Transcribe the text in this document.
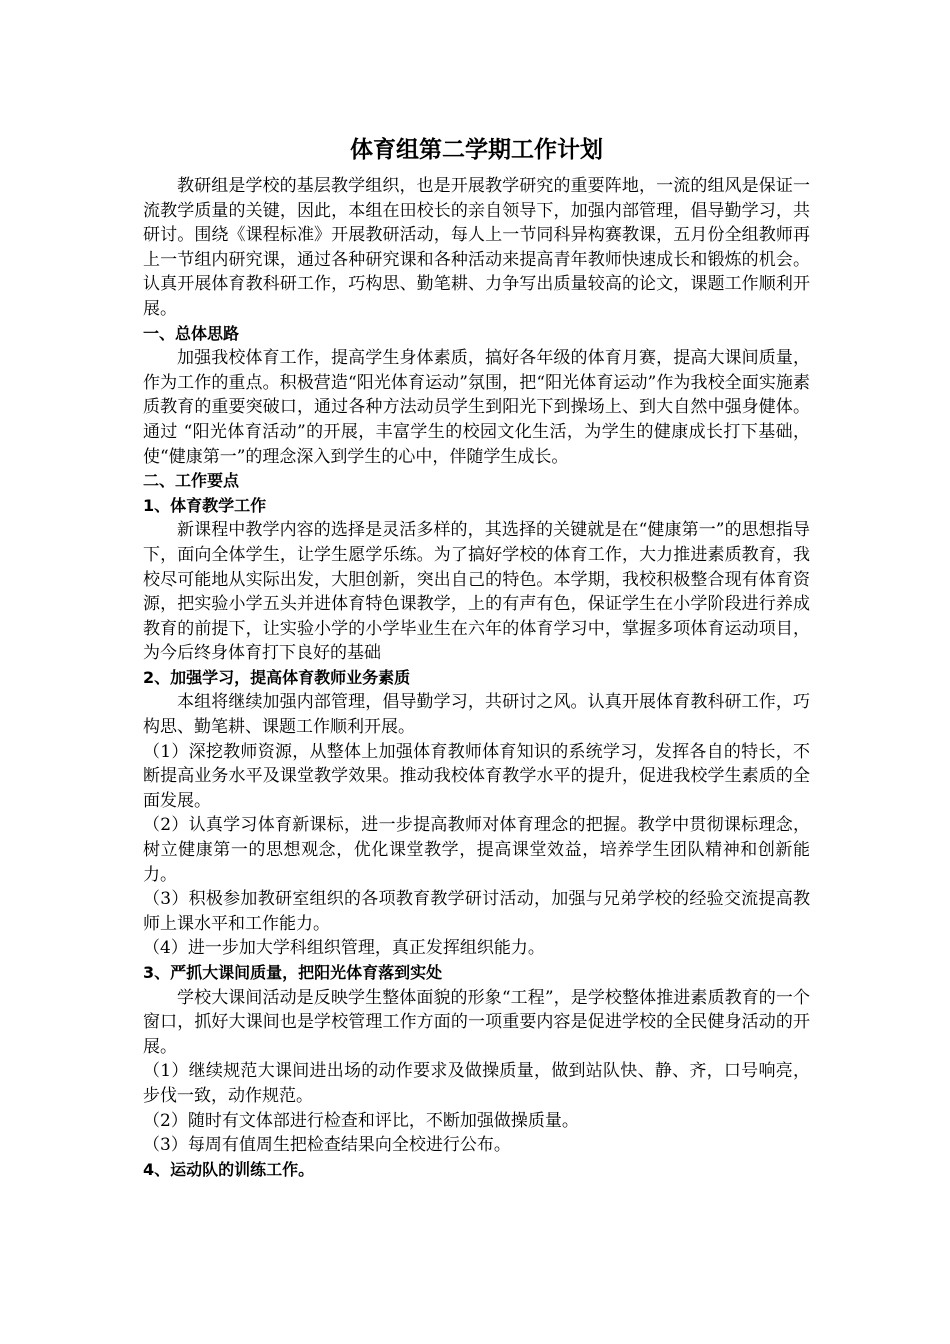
体育组第二学期工作计划

教研组是学校的基层教学组织，也是开展教学研究的重要阵地，一流的组风是保证一流教学质量的关键，因此，本组在田校长的亲自领导下，加强内部管理，倡导勤学习，共研讨。围绕《课程标准》开展教研活动，每人上一节同科异构赛教课，五月份全组教师再上一节组内研究课，通过各种研究课和各种活动来提高青年教师快速成长和锻炼的机会。认真开展体育教科研工作，巧构思、勤笔耕、力争写出质量较高的论文，课题工作顺利开展。

一、总体思路

加强我校体育工作，提高学生身体素质，搞好各年级的体育月赛，提高大课间质量，作为工作的重点。积极营造“阳光体育运动”氛围，把“阳光体育运动”作为我校全面实施素质教育的重要突破口，通过各种方法动员学生到阳光下到操场上、到大自然中强身健体。通过 “阳光体育活动”的开展，丰富学生的校园文化生活，为学生的健康成长打下基础，使“健康第一”的理念深入到学生的心中，伴随学生成长。

二、工作要点

1、体育教学工作

新课程中教学内容的选择是灵活多样的，其选择的关键就是在“健康第一”的思想指导下，面向全体学生，让学生愿学乐练。为了搞好学校的体育工作，大力推进素质教育，我校尽可能地从实际出发，大胆创新，突出自己的特色。本学期，我校积极整合现有体育资源，把实验小学五头并进体育特色课教学，上的有声有色，保证学生在小学阶段进行养成教育的前提下，让实验小学的小学毕业生在六年的体育学习中，掌握多项体育运动项目，为今后终身体育打下良好的基础

2、加强学习，提高体育教师业务素质

本组将继续加强内部管理，倡导勤学习，共研讨之风。认真开展体育教科研工作，巧构思、勤笔耕、课题工作顺利开展。

（1）深挖教师资源，从整体上加强体育教师体育知识的系统学习，发挥各自的特长，不断提高业务水平及课堂教学效果。推动我校体育教学水平的提升，促进我校学生素质的全面发展。

（2）认真学习体育新课标，进一步提高教师对体育理念的把握。教学中贯彻课标理念，树立健康第一的思想观念，优化课堂教学，提高课堂效益，培养学生团队精神和创新能力。

（3）积极参加教研室组织的各项教育教学研讨活动，加强与兄弟学校的经验交流提高教师上课水平和工作能力。

（4）进一步加大学科组织管理，真正发挥组织能力。

3、严抓大课间质量，把阳光体育落到实处

学校大课间活动是反映学生整体面貌的形象“工程”，是学校整体推进素质教育的一个窗口，抓好大课间也是学校管理工作方面的一项重要内容是促进学校的全民健身活动的开展。

（1）继续规范大课间进出场的动作要求及做操质量，做到站队快、静、齐，口号响亮，步伐一致，动作规范。

（2）随时有文体部进行检查和评比，不断加强做操质量。

（3）每周有值周生把检查结果向全校进行公布。

4、运动队的训练工作。
